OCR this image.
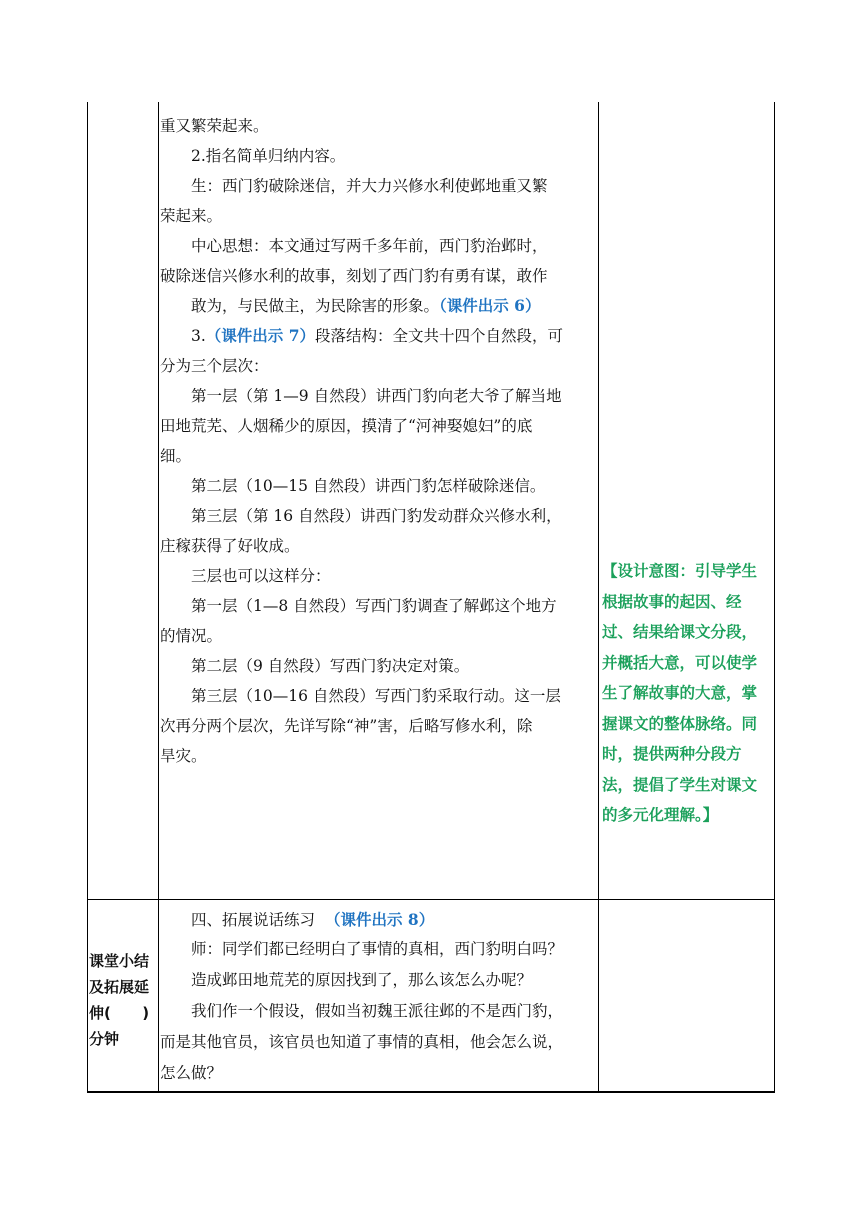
重又繁荣起来。
2.指名简单归纳内容。
生：西门豹破除迷信，并大力兴修水利使邺地重又繁
荣起来。
中心思想：本文通过写两千多年前，西门豹治邺时，
破除迷信兴修水利的故事，刻划了西门豹有勇有谋，敢作
敢为，与民做主，为民除害的形象。（课件出示 6）
3.（课件出示 7）段落结构：全文共十四个自然段，可
分为三个层次：
第一层（第 1—9 自然段）讲西门豹向老大爷了解当地
田地荒芜、人烟稀少的原因，摸清了“河神娶媳妇”的底
细。
第二层（10—15 自然段）讲西门豹怎样破除迷信。
第三层（第 16 自然段）讲西门豹发动群众兴修水利，
庄稼获得了好收成。
三层也可以这样分：
第一层（1—8 自然段）写西门豹调查了解邺这个地方
的情况。
第二层（9 自然段）写西门豹决定对策。
第三层（10—16 自然段）写西门豹采取行动。这一层
次再分两个层次，先详写除“神”害，后略写修水利，除
旱灾。
【设计意图：引导学生
根据故事的起因、经
过、结果给课文分段，
并概括大意，可以使学
生了解故事的大意，掌
握课文的整体脉络。同
时，提供两种分段方
法，提倡了学生对课文
的多元化理解。】
课堂小结
及拓展延
伸(      )
分钟
四、拓展说话练习 （课件出示 8）
师：同学们都已经明白了事情的真相，西门豹明白吗？
造成邺田地荒芜的原因找到了，那么该怎么办呢？
我们作一个假设，假如当初魏王派往邺的不是西门豹，
而是其他官员，该官员也知道了事情的真相，他会怎么说，
怎么做？
